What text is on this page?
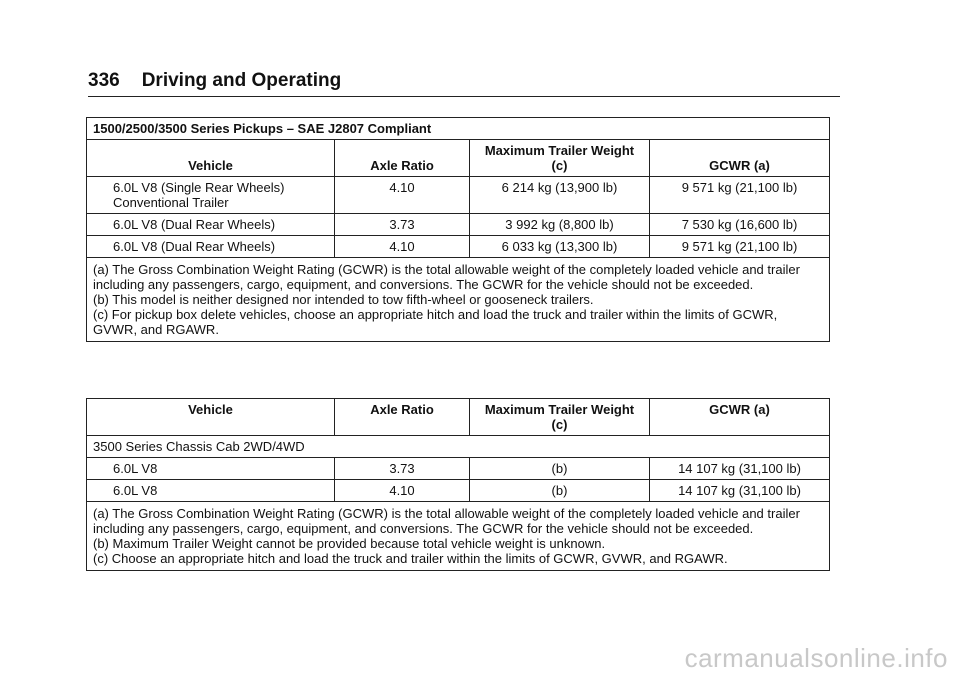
336 Driving and Operating
1500/2500/3500 Series Pickups – SAE J2807 Compliant			
Vehicle	Axle Ratio	Maximum Trailer Weight (c)	GCWR (a)
6.0L V8 (Single Rear Wheels) Conventional Trailer	4.10	6 214 kg (13,900 lb)	9 571 kg (21,100 lb)
6.0L V8 (Dual Rear Wheels)	3.73	3 992 kg (8,800 lb)	7 530 kg (16,600 lb)
6.0L V8 (Dual Rear Wheels)	4.10	6 033 kg (13,300 lb)	9 571 kg (21,100 lb)

(a) The Gross Combination Weight Rating (GCWR) is the total allowable weight of the completely loaded vehicle and trailer including any passengers, cargo, equipment, and conversions. The GCWR for the vehicle should not be exceeded.
(b) This model is neither designed nor intended to tow fifth-wheel or gooseneck trailers.
(c) For pickup box delete vehicles, choose an appropriate hitch and load the truck and trailer within the limits of GCWR, GVWR, and RGAWR.			
Vehicle	Axle Ratio	Maximum Trailer Weight (c)	GCWR (a)
3500 Series Chassis Cab 2WD/4WD			
6.0L V8	3.73	(b)	14 107 kg (31,100 lb)
6.0L V8	4.10	(b)	14 107 kg (31,100 lb)

(a) The Gross Combination Weight Rating (GCWR) is the total allowable weight of the completely loaded vehicle and trailer including any passengers, cargo, equipment, and conversions. The GCWR for the vehicle should not be exceeded.
(b) Maximum Trailer Weight cannot be provided because total vehicle weight is unknown.
(c) Choose an appropriate hitch and load the truck and trailer within the limits of GCWR, GVWR, and RGAWR.			
carmanualsonline.info
